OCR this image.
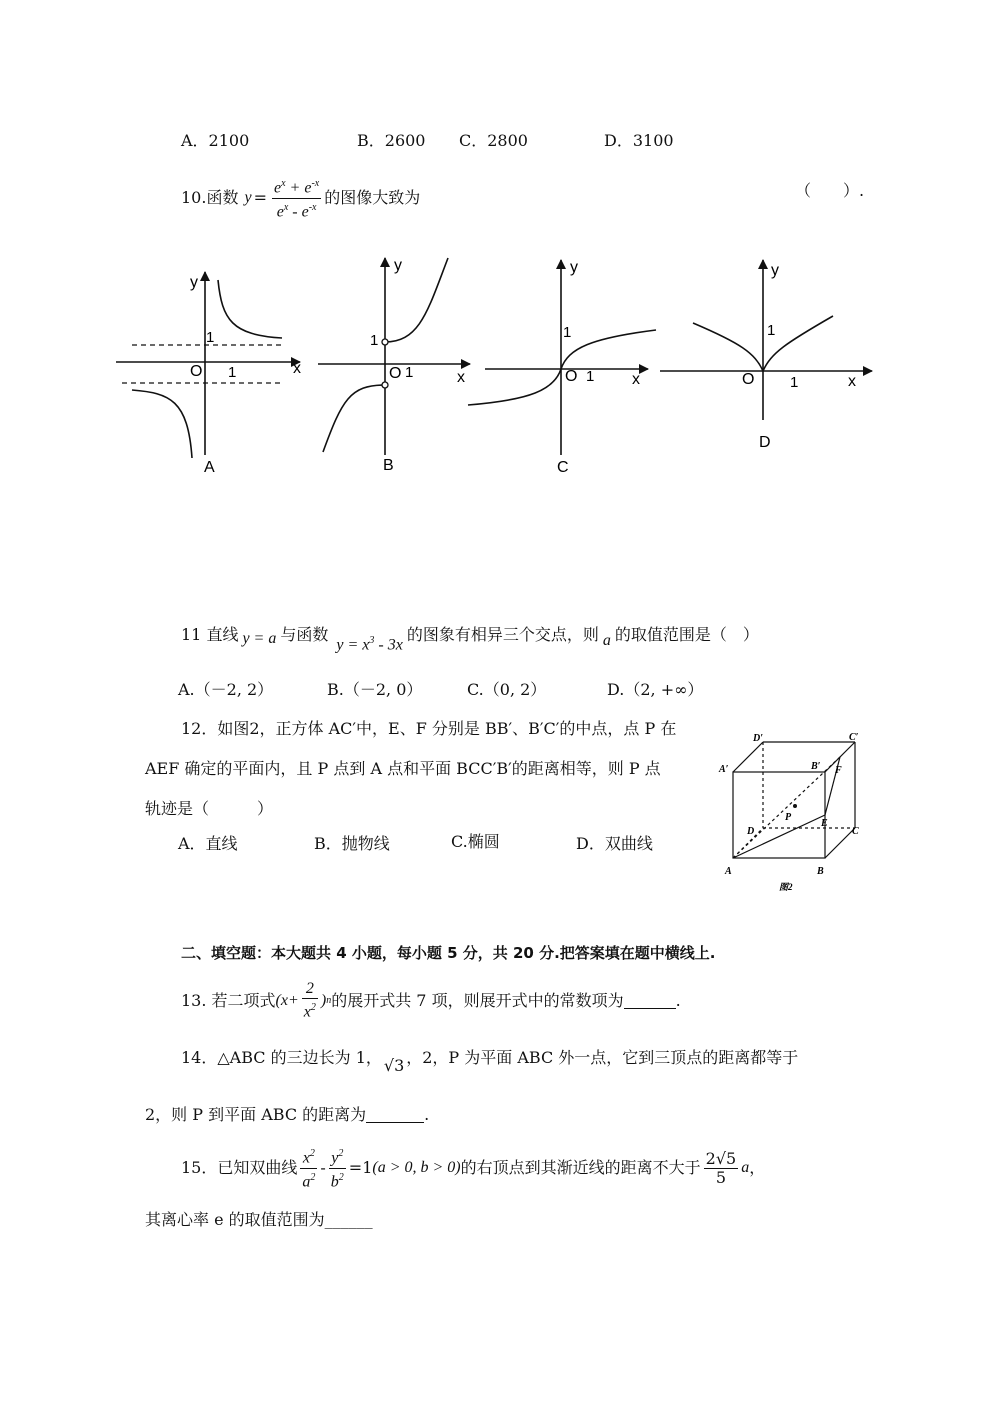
A．2100	B．2600 C．2800	D．3100
10.函数 $y = \frac{e^x + e^{-x}}{e^x - e^{-x}}$ 的图像大致为	（　　）.
y
1
O 1	x
A
y
1
O 1	x
B
y
1
O 1 x
C
y
1
O 1	x
D
11 直线 y = a 与函数
$y = x^3 - 3x$
的图象有相异三个交点，则 a 的取值范围是（　）
A.（－2, 2）	B.（－2, 0）	C.（0, 2）	D.（2, +∞）
12．如图2，正方体 AC′中，E、F 分别是 BB′、B′C′的中点，点 P 在
AEF 确定的平面内，且 P 点到 A 点和平面 BCC′B′的距离相等，则 P 点
轨迹是（　　　）
A．直线	B．抛物线	C.椭圆	D．双曲线
D′	C′
A′	B′ F
P
D
E
C
A	B
图2
二、填空题：本大题共 4 小题，每小题 5 分，共 20 分.把答案填在题中横线上.
13. 若二项式 ($x+ \frac{2}{x^2}$ ) n 的展开式共 7 项，则展开式中的常数项为	.
14．△ABC 的三边长为 1， √3 ，2，P 为平面 ABC 外一点，它到三顶点的距离都等于
2，则 P 到平面 ABC 的距离为	.
15．已知双曲线 $\frac{x^2}{a^2} - \frac{y^2}{b^2} =1$ (a > 0, b > 0) 的右顶点到其渐近线的距离不大于 $\frac{2√5}{5}$ a ，
其离心率 e 的取值范围为______
